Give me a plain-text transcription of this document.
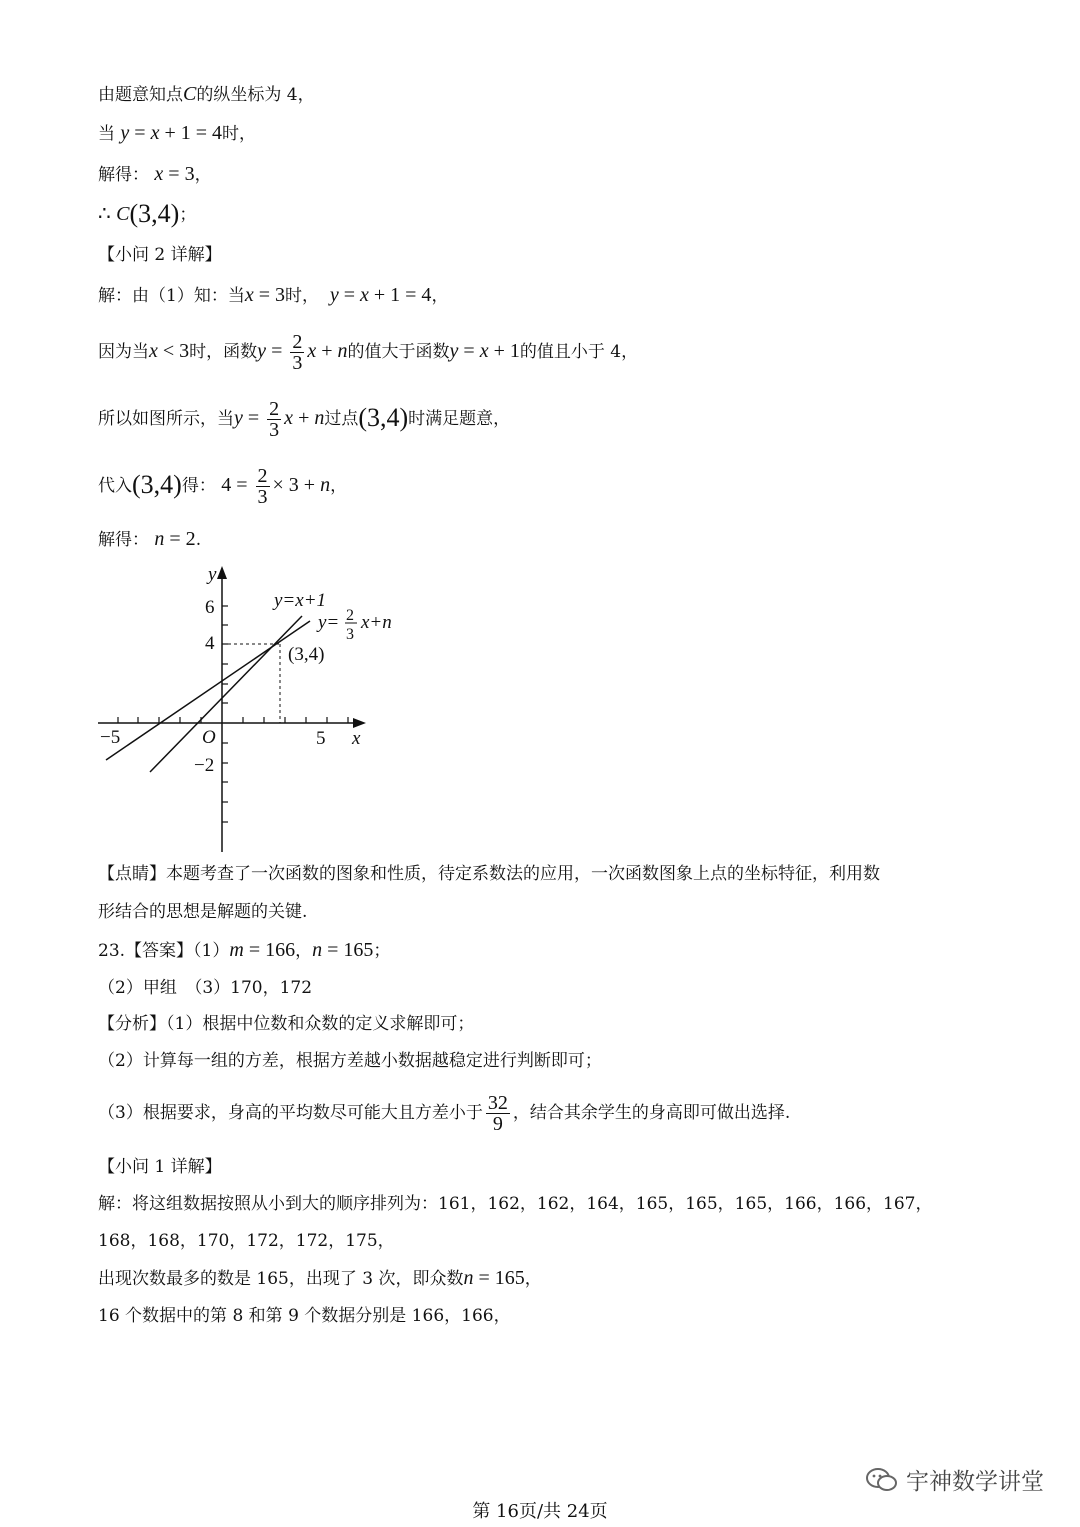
由题意知点C的纵坐标为 4，
当 y = x + 1 = 4时，
解得： x = 3，
∴ C(3,4)；
【小问 2 详解】
解：由（1）知：当x = 3时， y = x + 1 = 4，
因为当x < 3时，函数$y = \frac{2}{3}$ x + n的值大于函数y = x + 1的值且小于 4，
所以如图所示，当$y = \frac{2}{3}$ x + n过点(3,4)时满足题意，
代入(3,4)得： $4 = \frac{2}{3} \times 3 + n$，
解得： n = 2.
y
x
O
6
4
−2
−5	5
y=x+1
y= 2
3
x+n
(3,4)
【点睛】本题考查了一次函数的图象和性质，待定系数法的应用，一次函数图象上点的坐标特征，利用数
形结合的思想是解题的关键.
23.【答案】（1）m = 166，n = 165；
（2）甲组　（3）170，172
【分析】（1）根据中位数和众数的定义求解即可；
（2）计算每一组的方差，根据方差越小数据越稳定进行判断即可；
（3）根据要求，身高的平均数尽可能大且方差小于 $\frac{32}{9}$ ，结合其余学生的身高即可做出选择.
【小问 1 详解】
解：将这组数据按照从小到大的顺序排列为：161，162，162，164，165，165，165，166，166，167，
168，168，170，172，172，175，
出现次数最多的数是 165，出现了 3 次，即众数n = 165，
16 个数据中的第 8 和第 9 个数据分别是 166，166，
宇神数学讲堂
第 16页/共 24页
